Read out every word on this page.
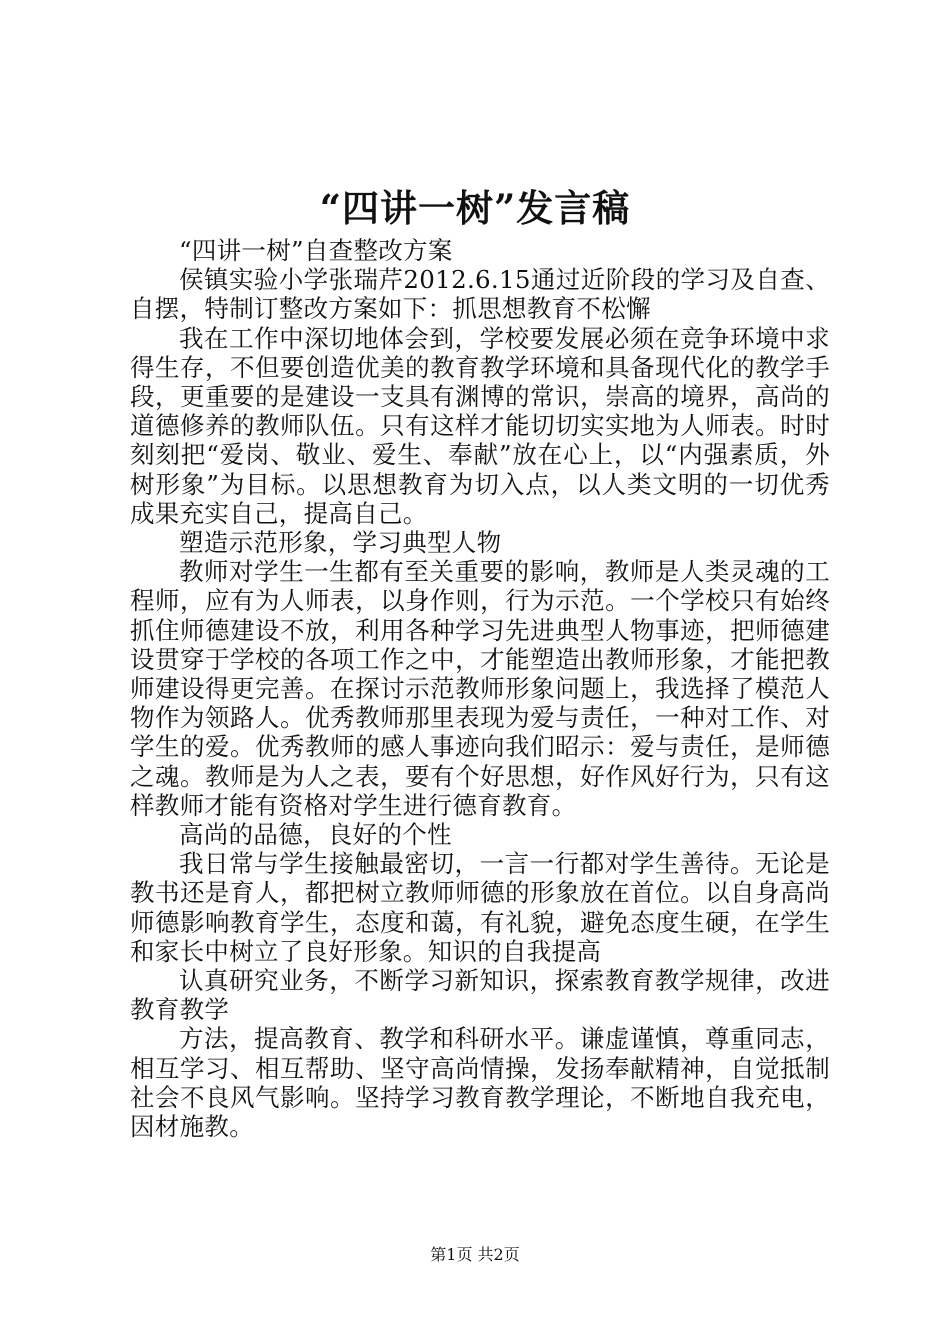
“四讲一树”发言稿

“四讲一树”自查整改方案

侯镇实验小学张瑞芹2012.6.15通过近阶段的学习及自查、自摆，特制订整改方案如下：抓思想教育不松懈

我在工作中深切地体会到，学校要发展必须在竞争环境中求得生存，不但要创造优美的教育教学环境和具备现代化的教学手段，更重要的是建设一支具有渊博的常识，崇高的境界，高尚的道德修养的教师队伍。只有这样才能切切实实地为人师表。时时刻刻把“爱岗、敬业、爱生、奉献”放在心上，以“内强素质，外树形象”为目标。以思想教育为切入点，以人类文明的一切优秀成果充实自己，提高自己。

塑造示范形象，学习典型人物

教师对学生一生都有至关重要的影响，教师是人类灵魂的工程师，应有为人师表，以身作则，行为示范。一个学校只有始终抓住师德建设不放，利用各种学习先进典型人物事迹，把师德建设贯穿于学校的各项工作之中，才能塑造出教师形象，才能把教师建设得更完善。在探讨示范教师形象问题上，我选择了模范人物作为领路人。优秀教师那里表现为爱与责任，一种对工作、对学生的爱。优秀教师的感人事迹向我们昭示：爱与责任，是师德之魂。教师是为人之表，要有个好思想，好作风好行为，只有这样教师才能有资格对学生进行德育教育。

高尚的品德，良好的个性

我日常与学生接触最密切，一言一行都对学生善待。无论是教书还是育人，都把树立教师师德的形象放在首位。以自身高尚师德影响教育学生，态度和蔼，有礼貌，避免态度生硬，在学生和家长中树立了良好形象。知识的自我提高

认真研究业务，不断学习新知识，探索教育教学规律，改进教育教学

方法，提高教育、教学和科研水平。谦虚谨慎，尊重同志，相互学习、相互帮助、坚守高尚情操，发扬奉献精神，自觉抵制社会不良风气影响。坚持学习教育教学理论，不断地自我充电，因材施教。

第1页 共2页
